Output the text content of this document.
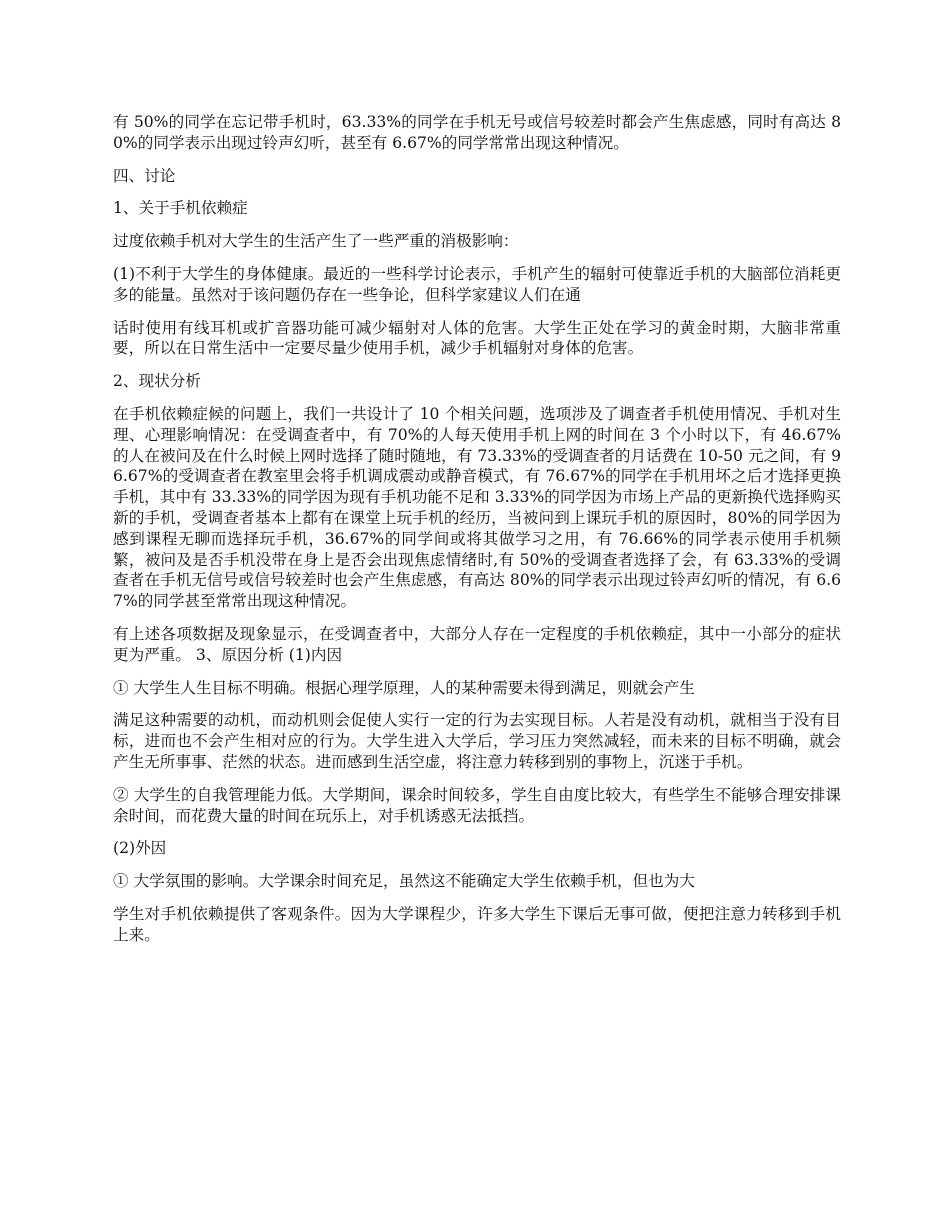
有 50%的同学在忘记带手机时，63.33%的同学在手机无号或信号较差时都会产生焦虑感，同时有高达 80%的同学表示出现过铃声幻听，甚至有 6.67%的同学常常出现这种情况。

四、讨论

1、关于手机依赖症

过度依赖手机对大学生的生活产生了一些严重的消极影响：

(1)不利于大学生的身体健康。最近的一些科学讨论表示，手机产生的辐射可使靠近手机的大脑部位消耗更多的能量。虽然对于该问题仍存在一些争论，但科学家建议人们在通

话时使用有线耳机或扩音器功能可减少辐射对人体的危害。大学生正处在学习的黄金时期，大脑非常重要，所以在日常生活中一定要尽量少使用手机，减少手机辐射对身体的危害。

2、现状分析

在手机依赖症候的问题上，我们一共设计了 10 个相关问题，选项涉及了调查者手机使用情况、手机对生理、心理影响情况：在受调查者中，有 70%的人每天使用手机上网的时间在 3 个小时以下，有 46.67%的人在被问及在什么时候上网时选择了随时随地，有 73.33%的受调查者的月话费在 10-50 元之间，有 96.67%的受调查者在教室里会将手机调成震动或静音模式，有 76.67%的同学在手机用坏之后才选择更换手机，其中有 33.33%的同学因为现有手机功能不足和 3.33%的同学因为市场上产品的更新换代选择购买新的手机，受调查者基本上都有在课堂上玩手机的经历，当被问到上课玩手机的原因时，80%的同学因为感到课程无聊而选择玩手机，36.67%的同学间或将其做学习之用，有 76.66%的同学表示使用手机频繁，被问及是否手机没带在身上是否会出现焦虑情绪时,有 50%的受调查者选择了会，有 63.33%的受调查者在手机无信号或信号较差时也会产生焦虑感，有高达 80%的同学表示出现过铃声幻听的情况，有 6.67%的同学甚至常常出现这种情况。

有上述各项数据及现象显示，在受调查者中，大部分人存在一定程度的手机依赖症，其中一小部分的症状更为严重。 3、原因分析 (1)内因

① 大学生人生目标不明确。根据心理学原理，人的某种需要未得到满足，则就会产生

满足这种需要的动机，而动机则会促使人实行一定的行为去实现目标。人若是没有动机，就相当于没有目标，进而也不会产生相对应的行为。大学生进入大学后，学习压力突然减轻，而未来的目标不明确，就会产生无所事事、茫然的状态。进而感到生活空虚，将注意力转移到别的事物上，沉迷于手机。

② 大学生的自我管理能力低。大学期间，课余时间较多，学生自由度比较大，有些学生不能够合理安排课余时间，而花费大量的时间在玩乐上，对手机诱惑无法抵挡。

(2)外因

① 大学氛围的影响。大学课余时间充足，虽然这不能确定大学生依赖手机，但也为大

学生对手机依赖提供了客观条件。因为大学课程少，许多大学生下课后无事可做，便把注意力转移到手机上来。
